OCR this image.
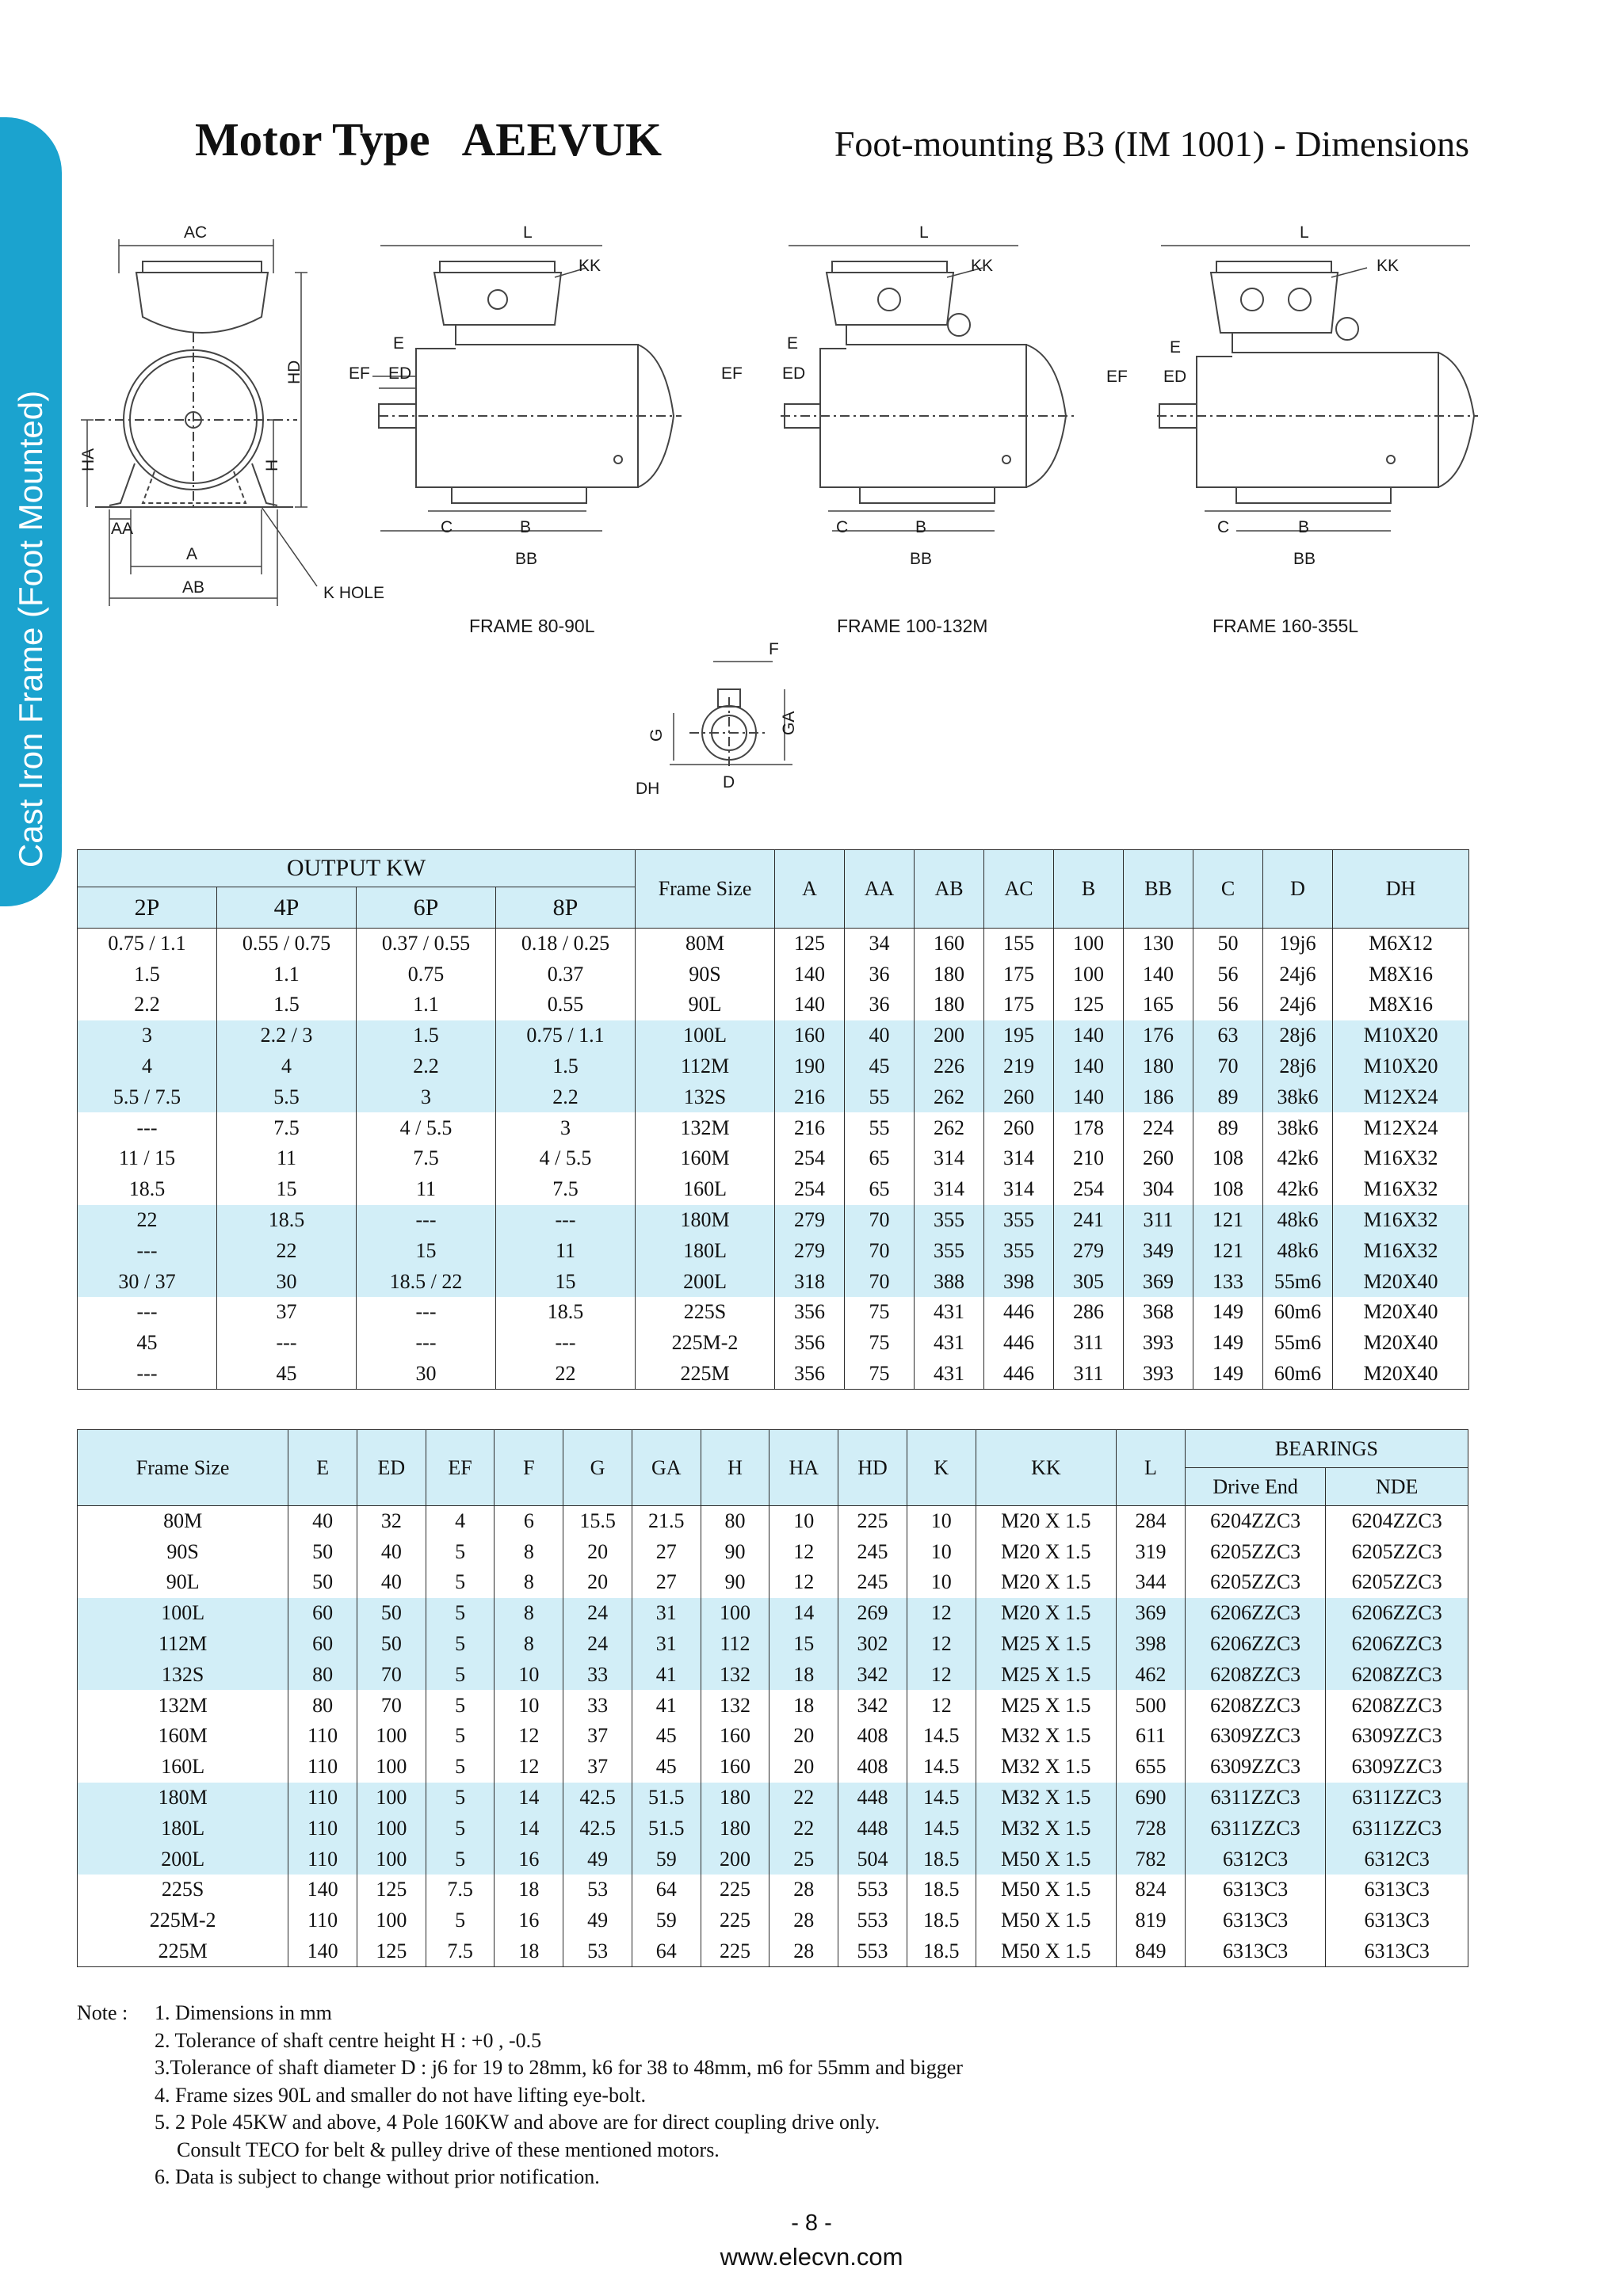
Cast Iron Frame (Foot Mounted)
Motor Type AEEVUK	Foot-mounting B3 (IM 1001) - Dimensions
AC
HD
HA	H
AA
A
AB	K HOLE
L
KK
E
EF ED
C	B
BB
L
KK
E
EF ED
C	B
BB
L
KK
E
EF ED
C	B
BB
FRAME 80-90L	FRAME 100-132M	FRAME 160-355L
F
G	GA
DH	D
OUTPUT KW				Frame Size	A	AA	AB	AC	B	BB	C	D	DH
2P	4P	6P	8P										
0.75 / 1.1	0.55 / 0.75	0.37 / 0.55	0.18 / 0.25	80M	125	34	160	155	100	130	50	19j6	M6X12
1.5	1.1	0.75	0.37	90S	140	36	180	175	100	140	56	24j6	M8X16
2.2	1.5	1.1	0.55	90L	140	36	180	175	125	165	56	24j6	M8X16
3	2.2 / 3	1.5	0.75 / 1.1	100L	160	40	200	195	140	176	63	28j6	M10X20
4	4	2.2	1.5	112M	190	45	226	219	140	180	70	28j6	M10X20
5.5 / 7.5	5.5	3	2.2	132S	216	55	262	260	140	186	89	38k6	M12X24
---	7.5	4 / 5.5	3	132M	216	55	262	260	178	224	89	38k6	M12X24
11 / 15	11	7.5	4 / 5.5	160M	254	65	314	314	210	260	108	42k6	M16X32
18.5	15	11	7.5	160L	254	65	314	314	254	304	108	42k6	M16X32
22	18.5	---	---	180M	279	70	355	355	241	311	121	48k6	M16X32
---	22	15	11	180L	279	70	355	355	279	349	121	48k6	M16X32
30 / 37	30	18.5 / 22	15	200L	318	70	388	398	305	369	133	55m6	M20X40
---	37	---	18.5	225S	356	75	431	446	286	368	149	60m6	M20X40
45	---	---	---	225M-2	356	75	431	446	311	393	149	55m6	M20X40
---	45	30	22	225M	356	75	431	446	311	393	149	60m6	M20X40
Frame Size	E	ED	EF	F	G	GA	H	HA	HD	K	KK	L	BEARINGS	
													Drive End	NDE
80M	40	32	4	6	15.5	21.5	80	10	225	10	M20 X 1.5	284	6204ZZC3	6204ZZC3
90S	50	40	5	8	20	27	90	12	245	10	M20 X 1.5	319	6205ZZC3	6205ZZC3
90L	50	40	5	8	20	27	90	12	245	10	M20 X 1.5	344	6205ZZC3	6205ZZC3
100L	60	50	5	8	24	31	100	14	269	12	M20 X 1.5	369	6206ZZC3	6206ZZC3
112M	60	50	5	8	24	31	112	15	302	12	M25 X 1.5	398	6206ZZC3	6206ZZC3
132S	80	70	5	10	33	41	132	18	342	12	M25 X 1.5	462	6208ZZC3	6208ZZC3
132M	80	70	5	10	33	41	132	18	342	12	M25 X 1.5	500	6208ZZC3	6208ZZC3
160M	110	100	5	12	37	45	160	20	408	14.5	M32 X 1.5	611	6309ZZC3	6309ZZC3
160L	110	100	5	12	37	45	160	20	408	14.5	M32 X 1.5	655	6309ZZC3	6309ZZC3
180M	110	100	5	14	42.5	51.5	180	22	448	14.5	M32 X 1.5	690	6311ZZC3	6311ZZC3
180L	110	100	5	14	42.5	51.5	180	22	448	14.5	M32 X 1.5	728	6311ZZC3	6311ZZC3
200L	110	100	5	16	49	59	200	25	504	18.5	M50 X 1.5	782	6312C3	6312C3
225S	140	125	7.5	18	53	64	225	28	553	18.5	M50 X 1.5	824	6313C3	6313C3
225M-2	110	100	5	16	49	59	225	28	553	18.5	M50 X 1.5	819	6313C3	6313C3
225M	140	125	7.5	18	53	64	225	28	553	18.5	M50 X 1.5	849	6313C3	6313C3
Note :	1. Dimensions in mm
2. Tolerance of shaft centre height H : +0 , -0.5
3.Tolerance of shaft diameter D : j6 for 19 to 28mm, k6 for 38 to 48mm, m6 for 55mm and bigger
4. Frame sizes 90L and smaller do not have lifting eye-bolt.
5. 2 Pole 45KW and above, 4 Pole 160KW and above are for direct coupling drive only.
Consult TECO for belt & pulley drive of these mentioned motors.
6. Data is subject to change without prior notification.
- 8 -
www.elecvn.com
